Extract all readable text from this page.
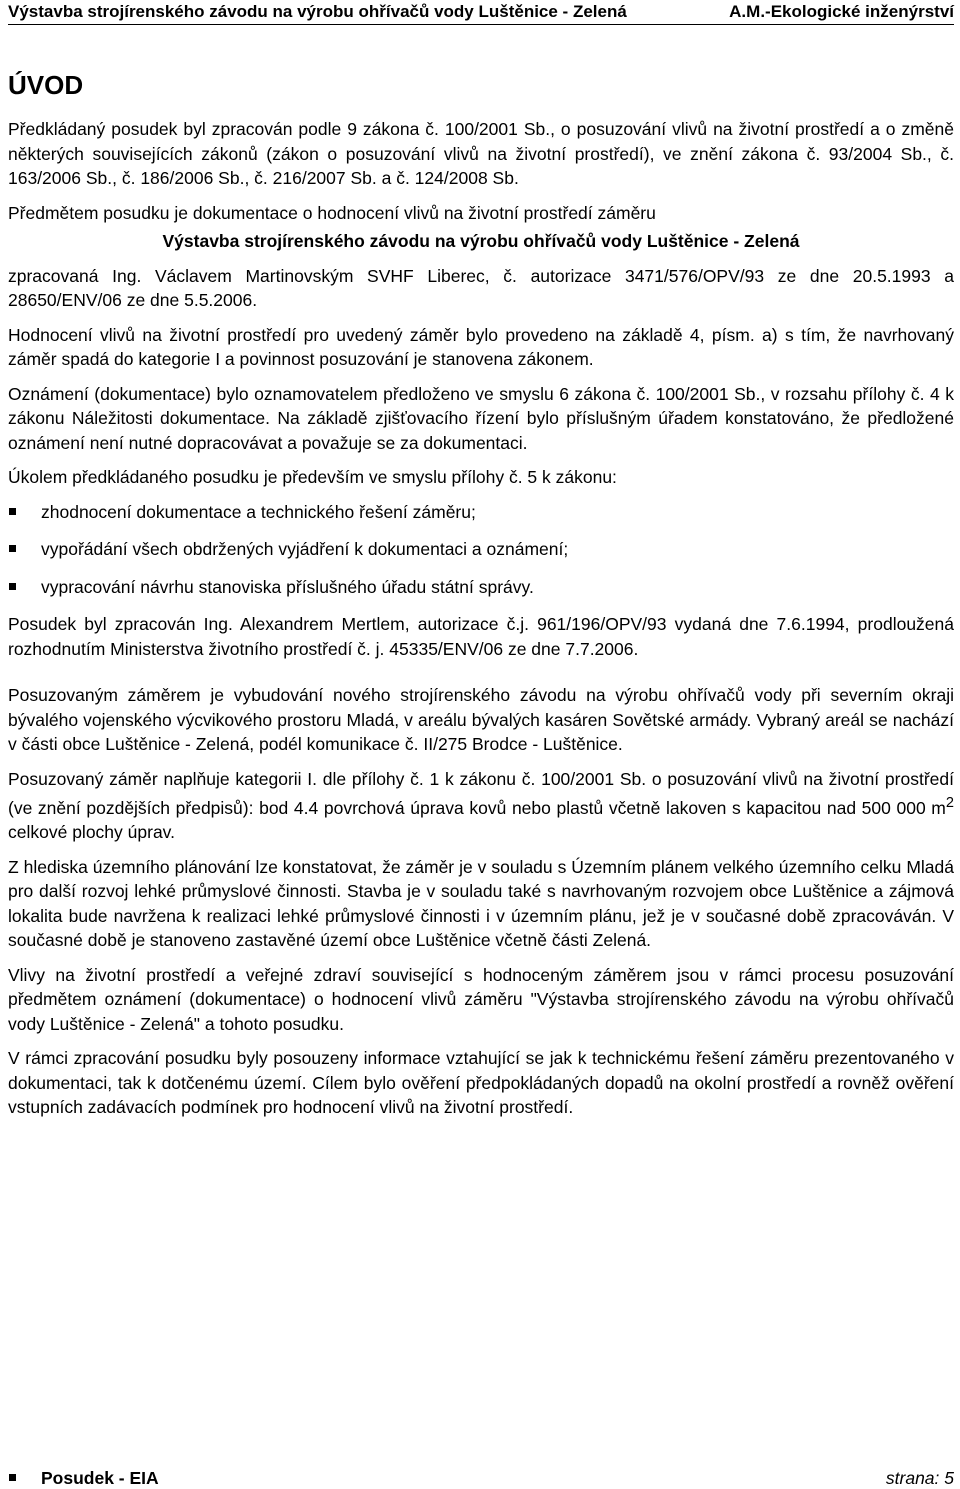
Výstavba strojírenského závodu na výrobu ohřívačů vody Luštěnice - Zelená	A.M.-Ekologické inženýrství
ÚVOD

Předkládaný posudek byl zpracován podle 9 zákona č. 100/2001 Sb., o posuzování vlivů na životní prostředí a o změně některých souvisejících zákonů (zákon o posuzování vlivů na životní prostředí), ve znění zákona č. 93/2004 Sb., č. 163/2006 Sb., č. 186/2006 Sb., č. 216/2007 Sb. a č. 124/2008 Sb.

Předmětem posudku je dokumentace o hodnocení vlivů na životní prostředí záměru

Výstavba strojírenského závodu na výrobu ohřívačů vody Luštěnice - Zelená

zpracovaná Ing. Václavem Martinovským SVHF Liberec, č. autorizace 3471/576/OPV/93 ze dne 20.5.1993 a 28650/ENV/06 ze dne 5.5.2006.

Hodnocení vlivů na životní prostředí pro uvedený záměr bylo provedeno na základě 4, písm. a) s tím, že navrhovaný záměr spadá do kategorie I a povinnost posuzování je stanovena zákonem.

Oznámení (dokumentace) bylo oznamovatelem předloženo ve smyslu 6 zákona č. 100/2001 Sb., v rozsahu přílohy č. 4 k zákonu Náležitosti dokumentace. Na základě zjišťovacího řízení bylo příslušným úřadem konstatováno, že předložené oznámení není nutné dopracovávat a považuje se za dokumentaci.

Úkolem předkládaného posudku je především ve smyslu přílohy č. 5 k zákonu:

zhodnocení dokumentace a technického řešení záměru;
vypořádání všech obdržených vyjádření k dokumentaci a oznámení;
vypracování návrhu stanoviska příslušného úřadu státní správy.

Posudek byl zpracován Ing. Alexandrem Mertlem, autorizace č.j. 961/196/OPV/93 vydaná dne 7.6.1994, prodloužená rozhodnutím Ministerstva životního prostředí č. j. 45335/ENV/06 ze dne 7.7.2006.

Posuzovaným záměrem je vybudování nového strojírenského závodu na výrobu ohřívačů vody při severním okraji bývalého vojenského výcvikového prostoru Mladá, v areálu bývalých kasáren Sovětské armády. Vybraný areál se nachází v části obce Luštěnice - Zelená, podél komunikace č. II/275 Brodce - Luštěnice.

Posuzovaný záměr naplňuje kategorii I. dle přílohy č. 1 k zákonu č. 100/2001 Sb. o posuzování vlivů na životní prostředí (ve znění pozdějších předpisů): bod 4.4 povrchová úprava kovů nebo plastů včetně lakoven s kapacitou nad 500 000 $m^2$ celkové plochy úprav.

Z hlediska územního plánování lze konstatovat, že záměr je v souladu s Územním plánem velkého územního celku Mladá pro další rozvoj lehké průmyslové činnosti. Stavba je v souladu také s navrhovaným rozvojem obce Luštěnice a zájmová lokalita bude navržena k realizaci lehké průmyslové činnosti i v územním plánu, jež je v současné době zpracováván. V současné době je stanoveno zastavěné území obce Luštěnice včetně části Zelená.

Vlivy na životní prostředí a veřejné zdraví související s hodnoceným záměrem jsou v rámci procesu posuzování předmětem oznámení (dokumentace) o hodnocení vlivů záměru "Výstavba strojírenského závodu na výrobu ohřívačů vody Luštěnice - Zelená" a tohoto posudku.

V rámci zpracování posudku byly posouzeny informace vztahující se jak k technickému řešení záměru prezentovaného v dokumentaci, tak k dotčenému území. Cílem bylo ověření předpokládaných dopadů na okolní prostředí a rovněž ověření vstupních zadávacích podmínek pro hodnocení vlivů na životní prostředí.

Posudek - EIA	strana: 5
